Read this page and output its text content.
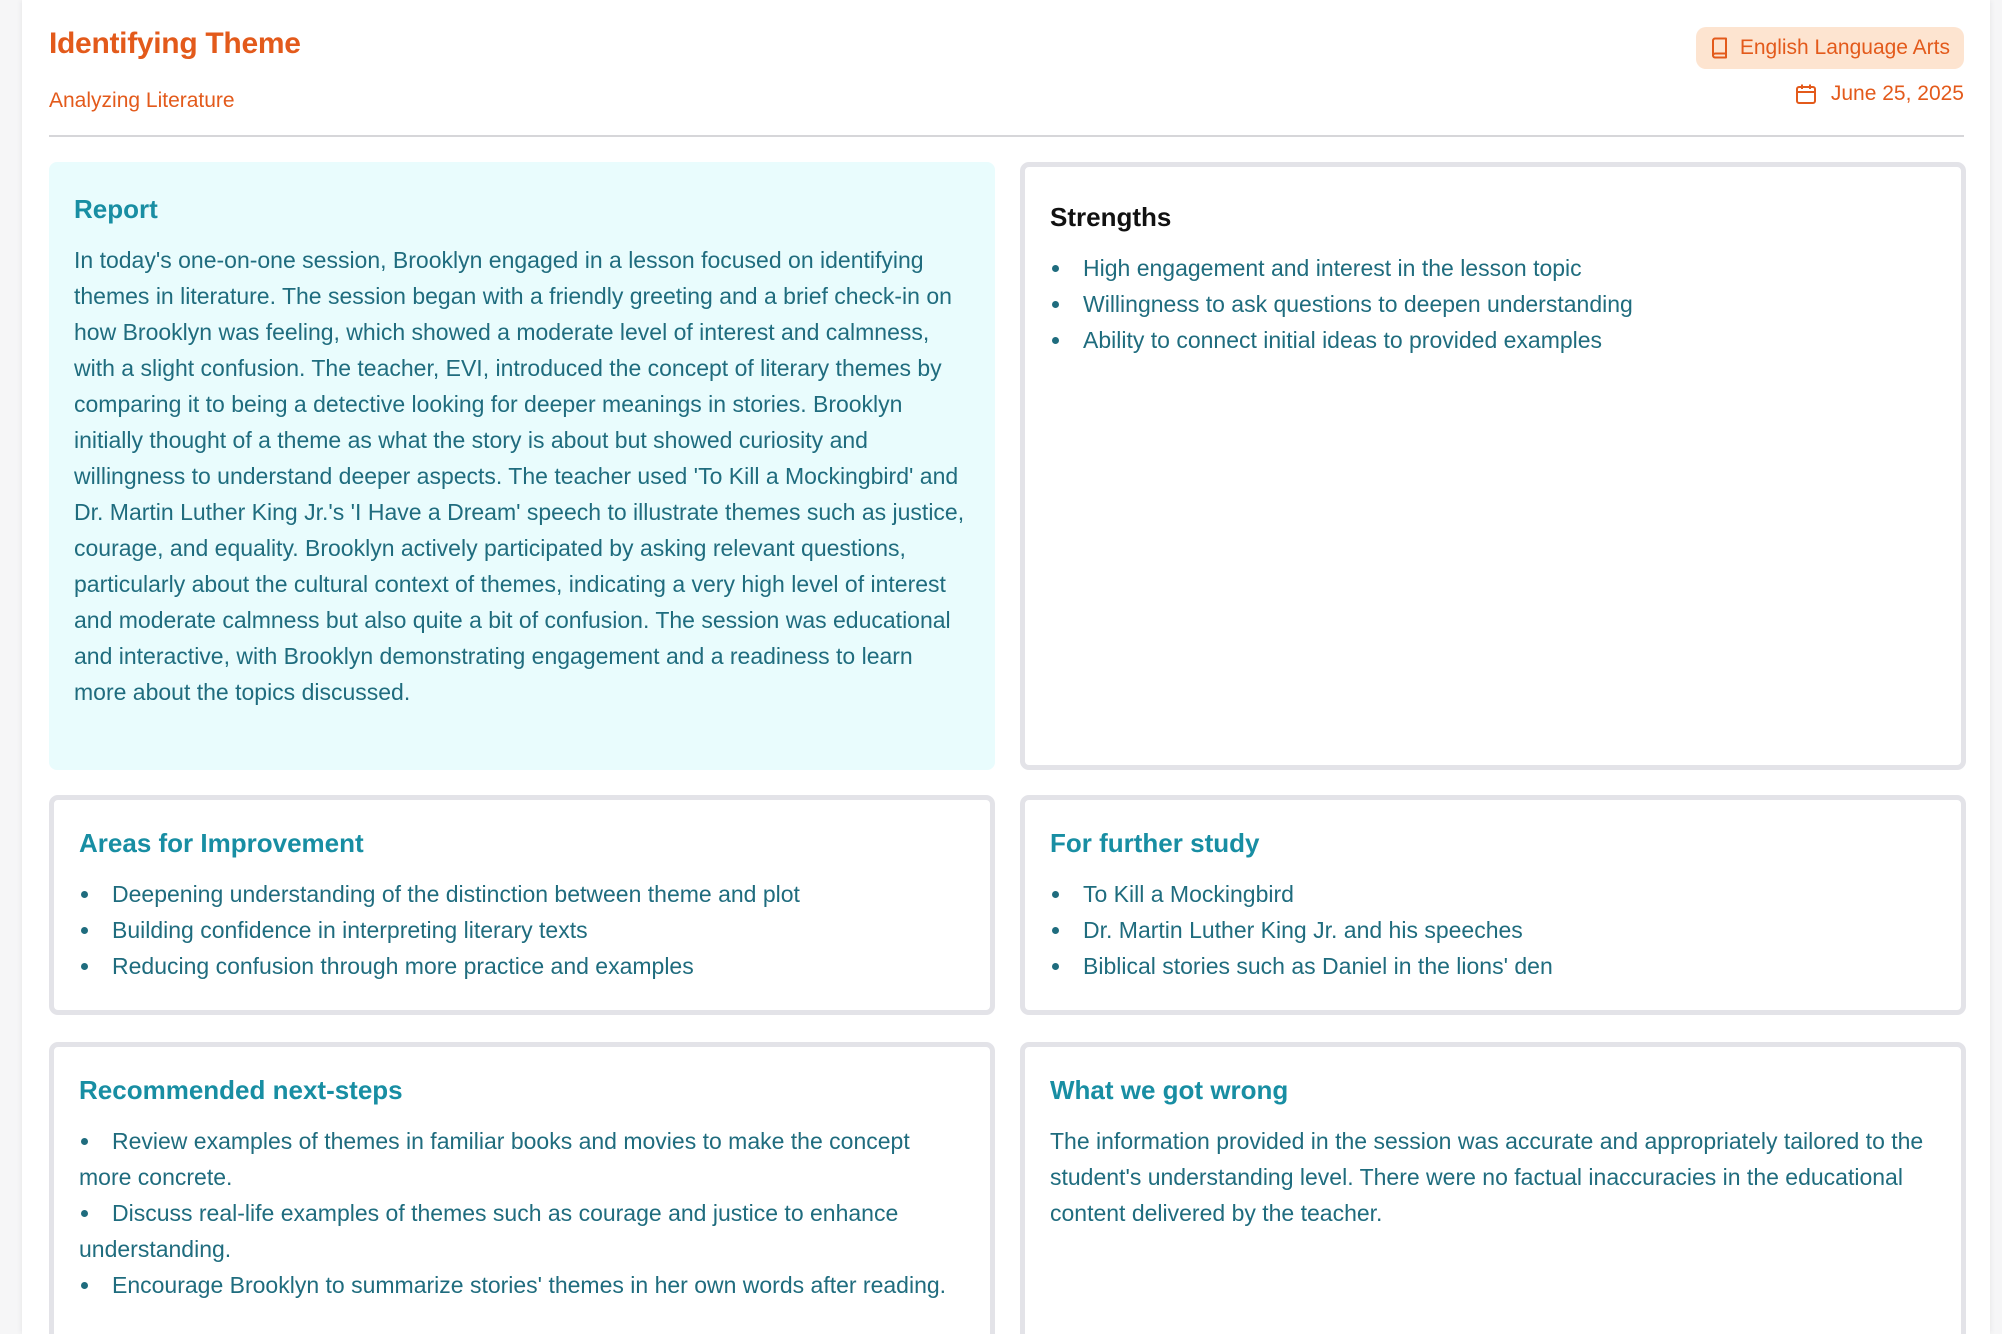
Identifying Theme
Analyzing Literature
English Language Arts
June 25, 2025
Report

In today's one-on-one session, Brooklyn engaged in a lesson focused on identifying themes in literature. The session began with a friendly greeting and a brief check-in on how Brooklyn was feeling, which showed a moderate level of interest and calmness, with a slight confusion. The teacher, EVI, introduced the concept of literary themes by comparing it to being a detective looking for deeper meanings in stories. Brooklyn initially thought of a theme as what the story is about but showed curiosity and willingness to understand deeper aspects. The teacher used 'To Kill a Mockingbird' and Dr. Martin Luther King Jr.'s 'I Have a Dream' speech to illustrate themes such as justice, courage, and equality. Brooklyn actively participated by asking relevant questions, particularly about the cultural context of themes, indicating a very high level of interest and moderate calmness but also quite a bit of confusion. The session was educational and interactive, with Brooklyn demonstrating engagement and a readiness to learn more about the topics discussed.

Strengths
High engagement and interest in the lesson topic
Willingness to ask questions to deepen understanding
Ability to connect initial ideas to provided examples
Areas for Improvement
Deepening understanding of the distinction between theme and plot
Building confidence in interpreting literary texts
Reducing confusion through more practice and examples
For further study
To Kill a Mockingbird
Dr. Martin Luther King Jr. and his speeches
Biblical stories such as Daniel in the lions' den
Recommended next-steps
Review examples of themes in familiar books and movies to make the concept more concrete.
Discuss real-life examples of themes such as courage and justice to enhance understanding.
Encourage Brooklyn to summarize stories' themes in her own words after reading.
What we got wrong

The information provided in the session was accurate and appropriately tailored to the student's understanding level. There were no factual inaccuracies in the educational content delivered by the teacher.
